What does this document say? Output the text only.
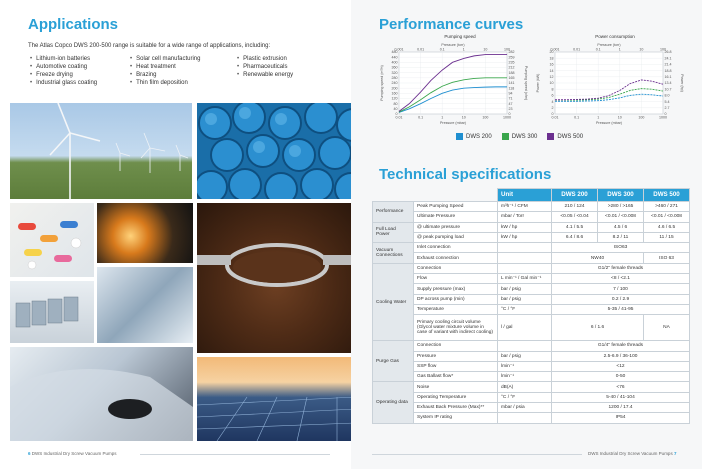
Applications
The Atlas Copco DWS 200-500 range is suitable for a wide range of applications, including:
• Lithium-ion batteries
• Automotive coating
• Freeze drying
• Industrial glass coating
• Solar cell manufacturing
• Heat treatment
• Brazing
• Thin film deposition
• Plastic extrusion
• Pharmaceuticals
• Renewable energy
6 DWS Industrial Dry Screw Vacuum Pumps
Performance curves
Pumping speed
0
40
80
120
160
200
240
280
320
360
400
440
480
0
23
47
71
94
118
141
165
188
212
235
259
282
0.01	0.1	1	10	100	1000
0.001	0.01	0.1	1	10	100
Pressure (torr)
Pressure (mbar)
Pumping speed (m³/h)	Pumping speed (cfm)
Power consumption
0
2
4
6
8
10
12
14
16
18
20
0
2.7
5.4
8.0
10.7
13.4
16.1
18.8
21.4
24.1
26.8
0.01	0.1	1	10	100	1000
0.001	0.01	0.1	1	10	100
Pressure (torr)
Pressure (mbar)
Power (kW)	Power (hp)
DWS 200	DWS 300	DWS 500
Technical specifications
		Unit	DWS 200	DWS 300	DWS 500
Performance	Peak Pumping Speed	m³h⁻¹ / CFM	210 / 124	>280 / >165	>460 / 271
	Ultimate Pressure	mbar / Torr	<0.05 / <0.04	<0.01 / <0.008	<0.01 / <0.008
Full Load Power	@ ultimate pressure	kW / hp	4.1 / 5.5	4.5 / 6	4.6 / 6.5
	@ peak pumping load	kW / hp	6.4 / 8.6	8.2 / 11	11 / 15
Vacuum Connections	Inlet connection		ISO63		
	Exhaust connection		NW40		ISO 63
Cooling Water	Connection		G1/2" female threads		
	Flow	L min⁻¹ / Gal min⁻¹	<8 / <2.1		
	Supply pressure (max)	bar / psig	7 / 100		
	DP across pump (min)	bar / psig	0.2 / 2.9		
	Temperature	°C / °F	5-35 / 41-95		
	Primary cooling circuit volume (Glycol water mixture volume in case of variant with indirect cooling)	l / gal	6 / 1.6		NA
Purge Gas	Connection		G1/4" female threads		
	Pressure	bar / psig	2.5-6.9 / 36-100		
	SSP flow	lmin⁻¹	<12		
	Gas Ballast flow*	lmin⁻¹	0-50		
Operating data	Noise	dB(A)	<76		
	Operating Temperature	°C / °F	5-40 / 41-104		
	Exhaust Back Pressure (Max)**	mbar / psia	1200 / 17.4		
	System IP rating		IP54		
DWS Industrial Dry Screw Vacuum Pumps 7
